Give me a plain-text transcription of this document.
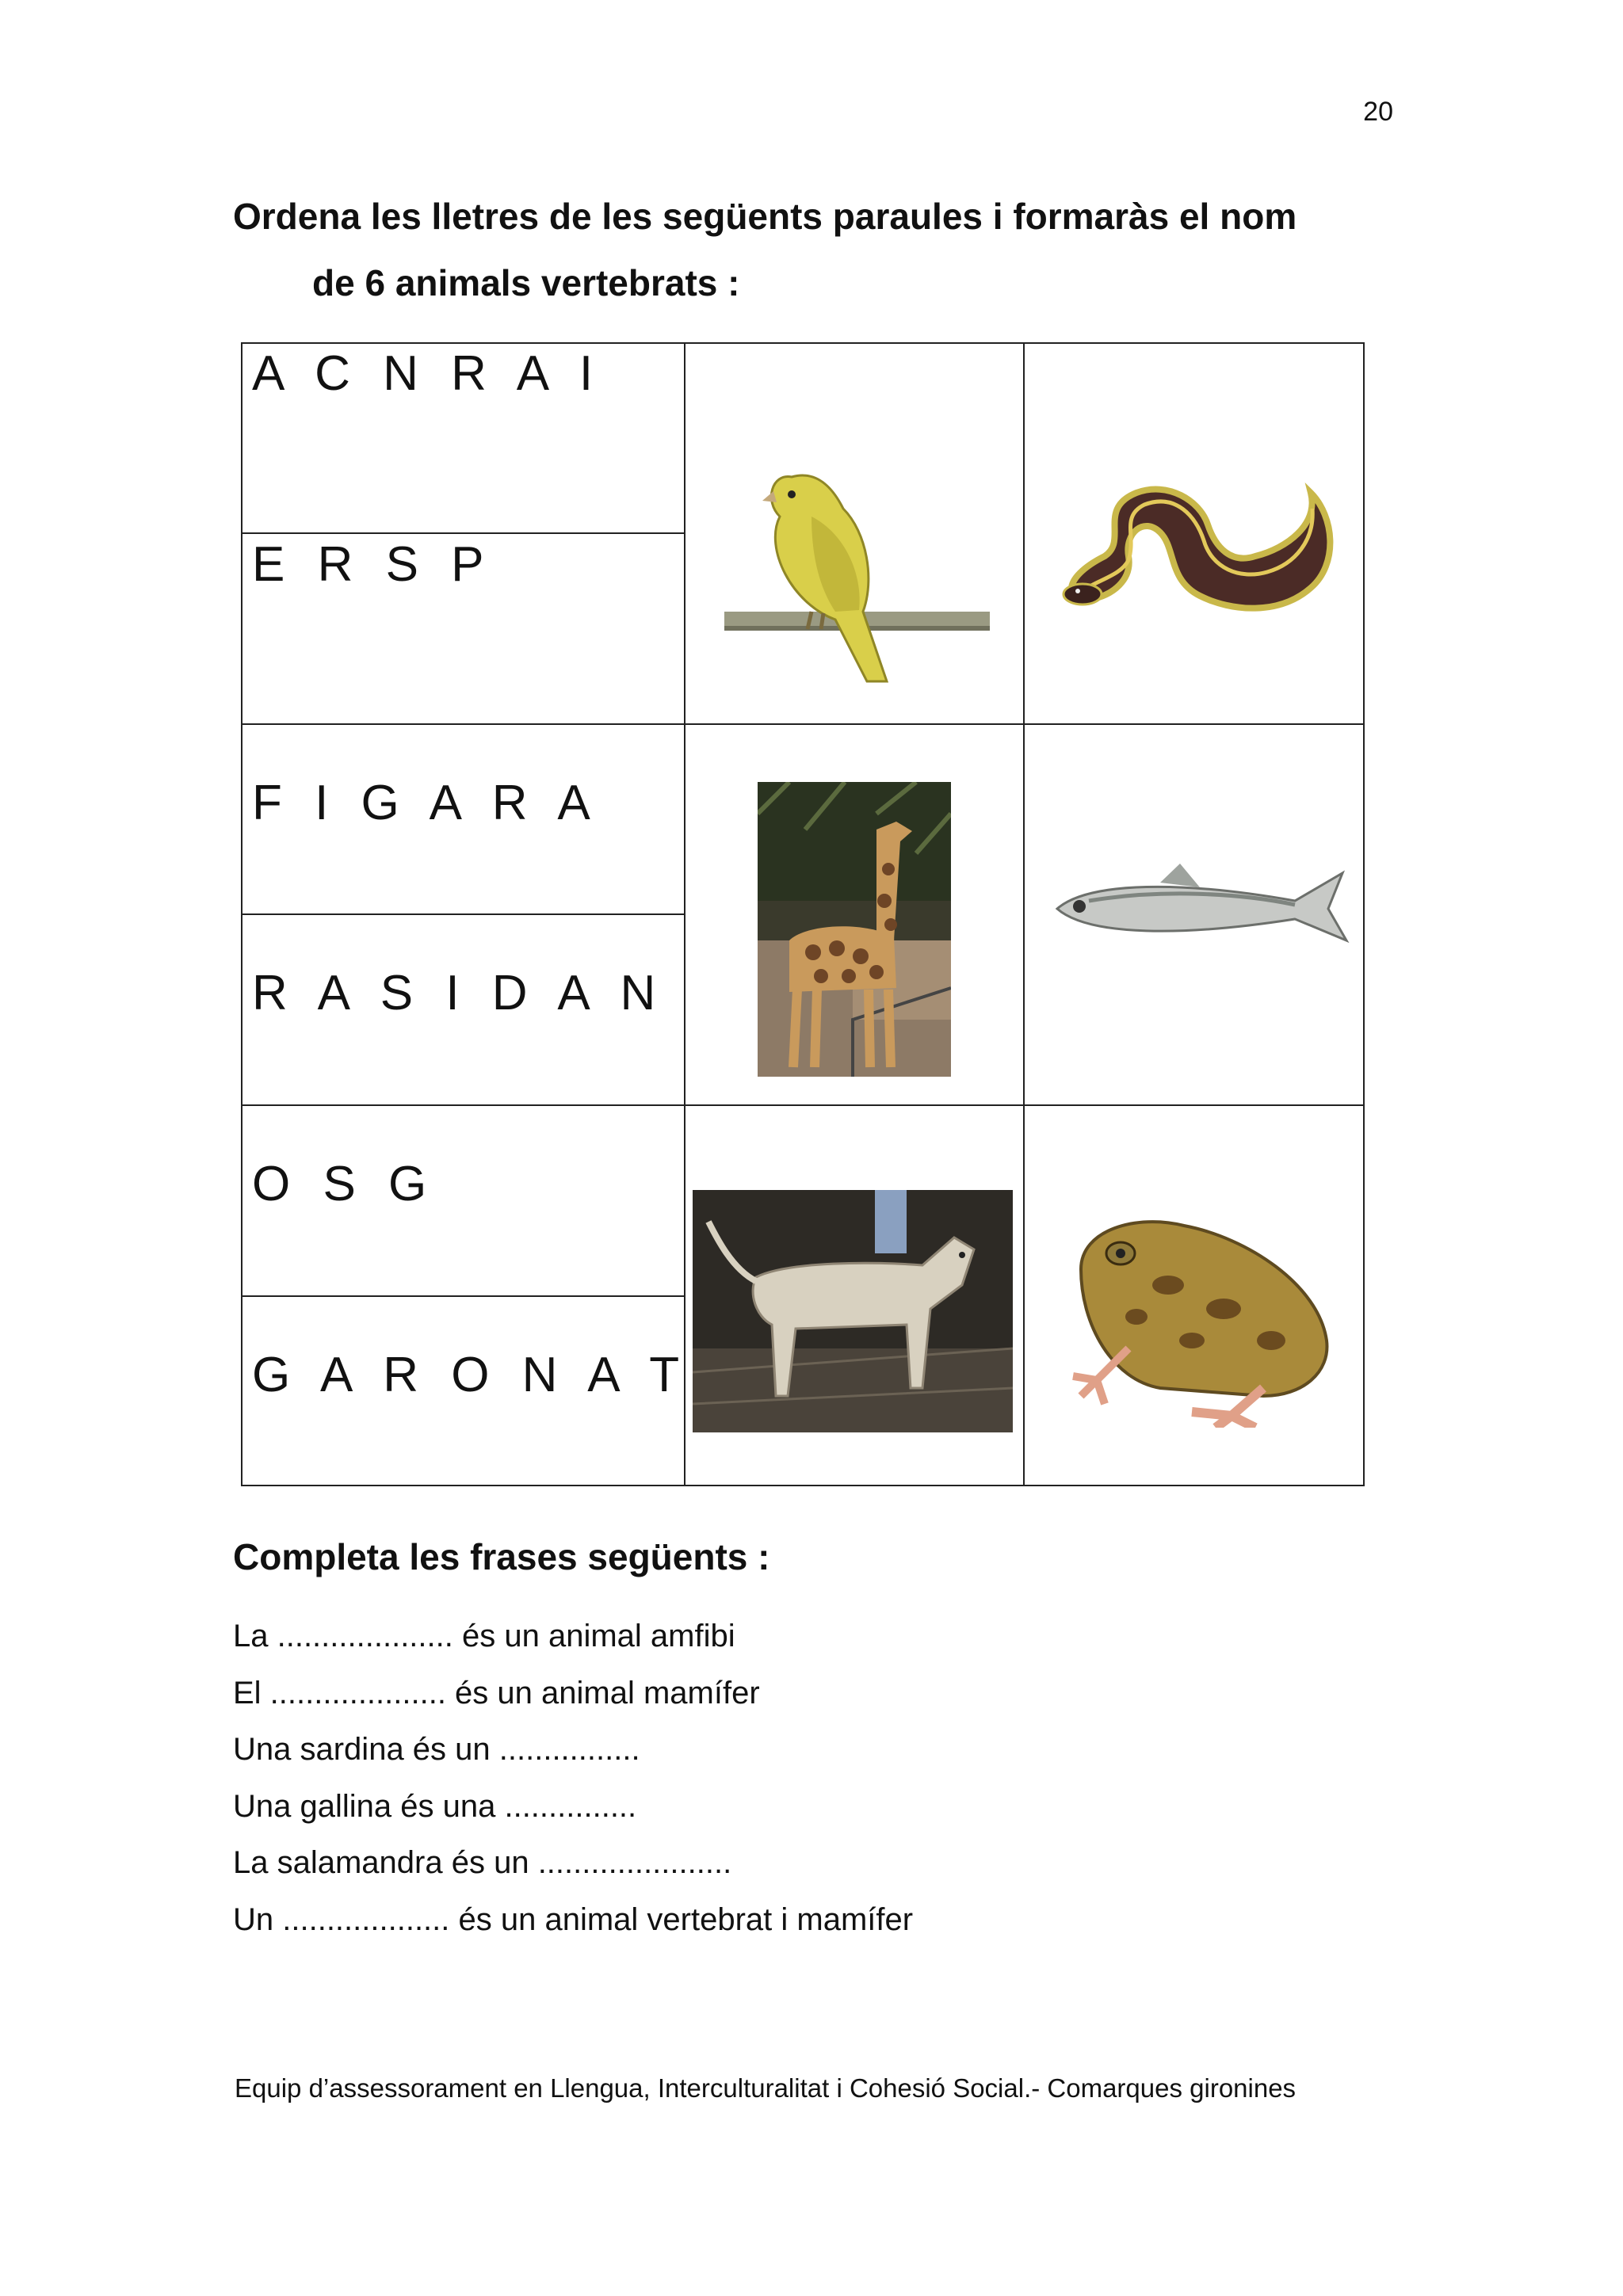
20
Ordena les lletres de les següents paraules i formaràs el nom
de 6 animals vertebrats :
A C N R A I
E R S P
F I G A R A
R A S I D A N
O S G
G A R O N A T
Completa les frases següents :
La .................... és un animal amfibi
El .................... és un animal mamífer
Una sardina és un ................
Una gallina és una ...............
La salamandra és un ......................
Un ................... és un animal vertebrat i mamífer
Equip d’assessorament en Llengua, Interculturalitat i Cohesió Social.- Comarques gironines
